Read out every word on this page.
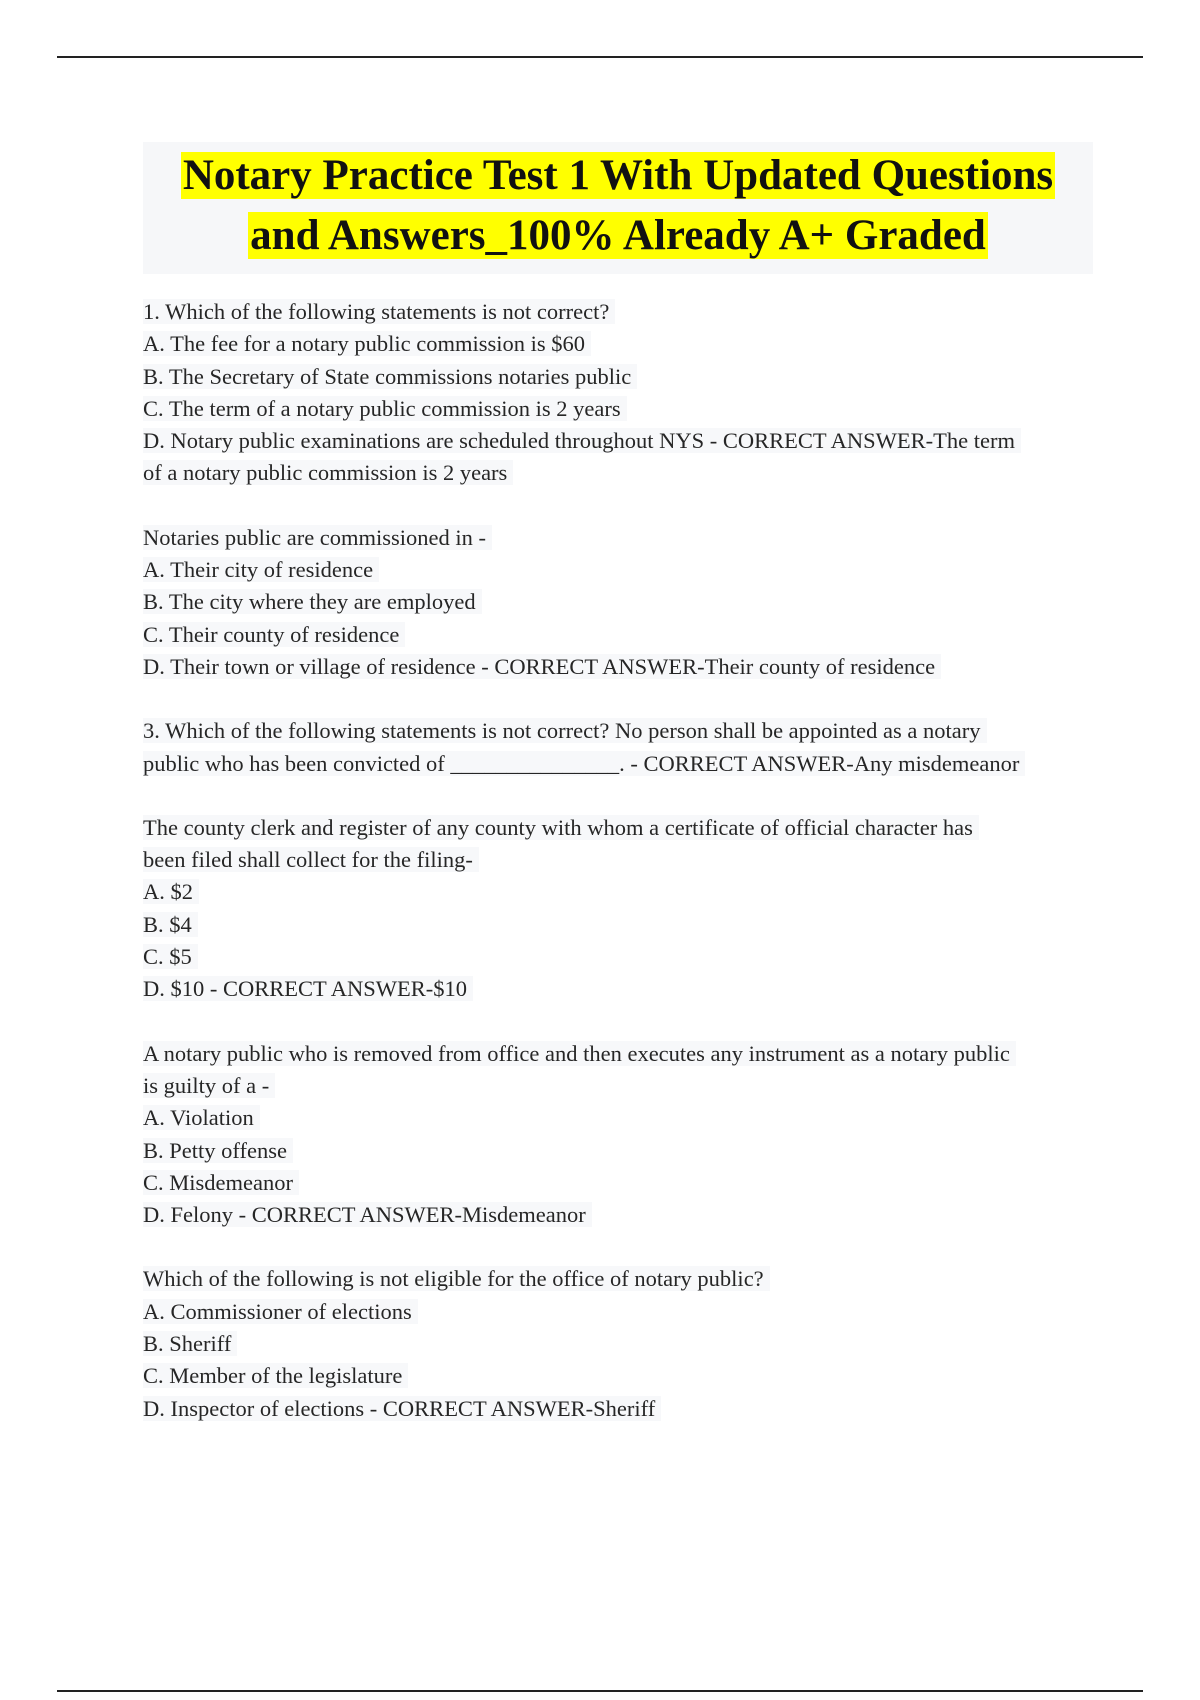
Notary Practice Test 1 With Updated Questions
and Answers_100% Already A+ Graded
1. Which of the following statements is not correct?
A. The fee for a notary public commission is $60
B. The Secretary of State commissions notaries public
C. The term of a notary public commission is 2 years
D. Notary public examinations are scheduled throughout NYS - CORRECT ANSWER-The term
of a notary public commission is 2 years
Notaries public are commissioned in -
A. Their city of residence
B. The city where they are employed
C. Their county of residence
D. Their town or village of residence - CORRECT ANSWER-Their county of residence
3. Which of the following statements is not correct? No person shall be appointed as a notary
public who has been convicted of _______________. - CORRECT ANSWER-Any misdemeanor
The county clerk and register of any county with whom a certificate of official character has
been filed shall collect for the filing-
A. $2
B. $4
C. $5
D. $10 - CORRECT ANSWER-$10
A notary public who is removed from office and then executes any instrument as a notary public
is guilty of a -
A. Violation
B. Petty offense
C. Misdemeanor
D. Felony - CORRECT ANSWER-Misdemeanor
Which of the following is not eligible for the office of notary public?
A. Commissioner of elections
B. Sheriff
C. Member of the legislature
D. Inspector of elections - CORRECT ANSWER-Sheriff
